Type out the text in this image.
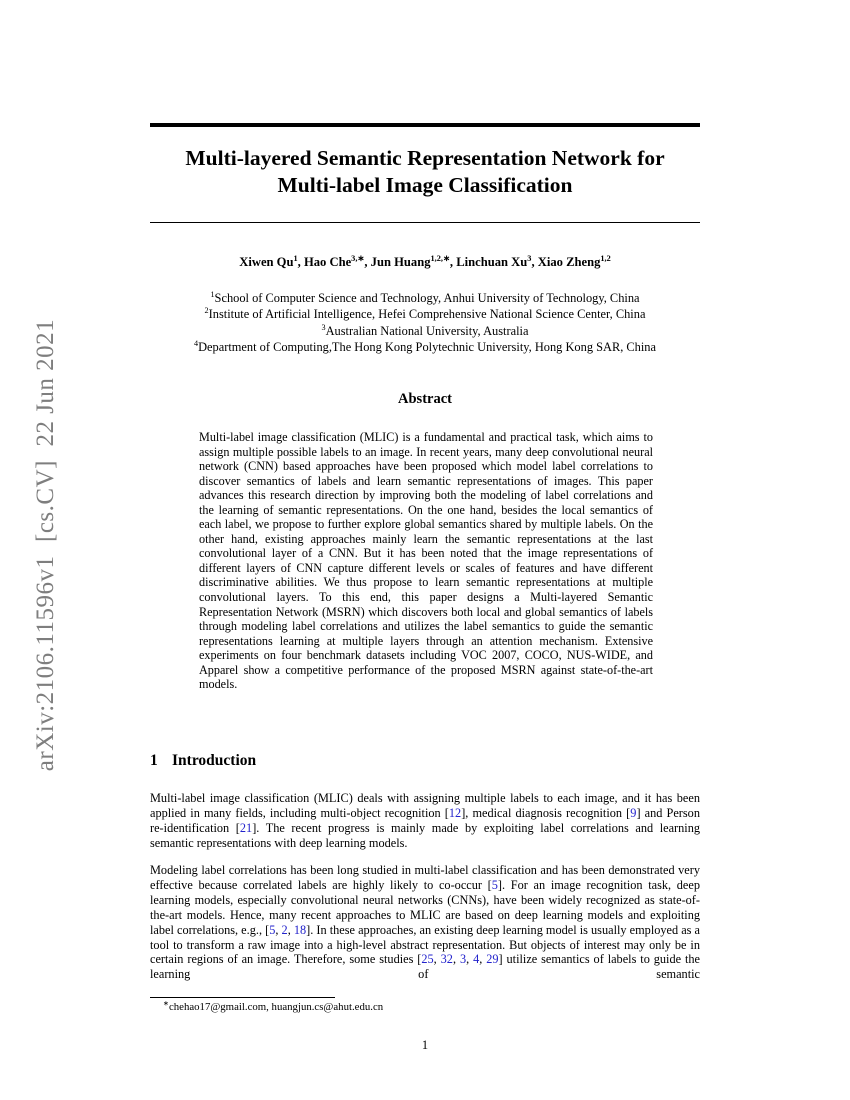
arXiv:2106.11596v1  [cs.CV]  22 Jun 2021
Multi-layered Semantic Representation Network for
Multi-label Image Classification
Xiwen Qu$^1$, Hao Che$^{3,∗}$, Jun Huang$^{1,2,∗}$, Linchuan Xu$^3$, Xiao Zheng$^{1,2}$
$^1$School of Computer Science and Technology, Anhui University of Technology, China
$^2$Institute of Artificial Intelligence, Hefei Comprehensive National Science Center, China
$^3$Australian National University, Australia
$^4$Department of Computing,The Hong Kong Polytechnic University, Hong Kong SAR, China
Abstract
Multi-label image classification (MLIC) is a fundamental and practical task, which aims to assign multiple possible labels to an image. In recent years, many deep convolutional neural network (CNN) based approaches have been proposed which model label correlations to discover semantics of labels and learn semantic representations of images. This paper advances this research direction by improving both the modeling of label correlations and the learning of semantic representations. On the one hand, besides the local semantics of each label, we propose to further explore global semantics shared by multiple labels. On the other hand, existing approaches mainly learn the semantic representations at the last convolutional layer of a CNN. But it has been noted that the image representations of different layers of CNN capture different levels or scales of features and have different discriminative abilities. We thus propose to learn semantic representations at multiple convolutional layers. To this end, this paper designs a Multi-layered Semantic Representation Network (MSRN) which discovers both local and global semantics of labels through modeling label correlations and utilizes the label semantics to guide the semantic representations learning at multiple layers through an attention mechanism. Extensive experiments on four benchmark datasets including VOC 2007, COCO, NUS-WIDE, and Apparel show a competitive performance of the proposed MSRN against state-of-the-art models.
1 Introduction
Multi-label image classification (MLIC) deals with assigning multiple labels to each image, and it has been applied in many fields, including multi-object recognition [12], medical diagnosis recognition [9] and Person re-identification [21]. The recent progress is mainly made by exploiting label correlations and learning semantic representations with deep learning models.
Modeling label correlations has been long studied in multi-label classification and has been demonstrated very effective because correlated labels are highly likely to co-occur [5]. For an image recognition task, deep learning models, especially convolutional neural networks (CNNs), have been widely recognized as state-of-the-art models. Hence, many recent approaches to MLIC are based on deep learning models and exploiting label correlations, e.g., [5, 2, 18]. In these approaches, an existing deep learning model is usually employed as a tool to transform a raw image into a high-level abstract representation. But objects of interest may only be in certain regions of an image. Therefore, some studies [25, 32, 3, 4, 29] utilize semantics of labels to guide the learning of semantic
∗chehao17@gmail.com, huangjun.cs@ahut.edu.cn
1
